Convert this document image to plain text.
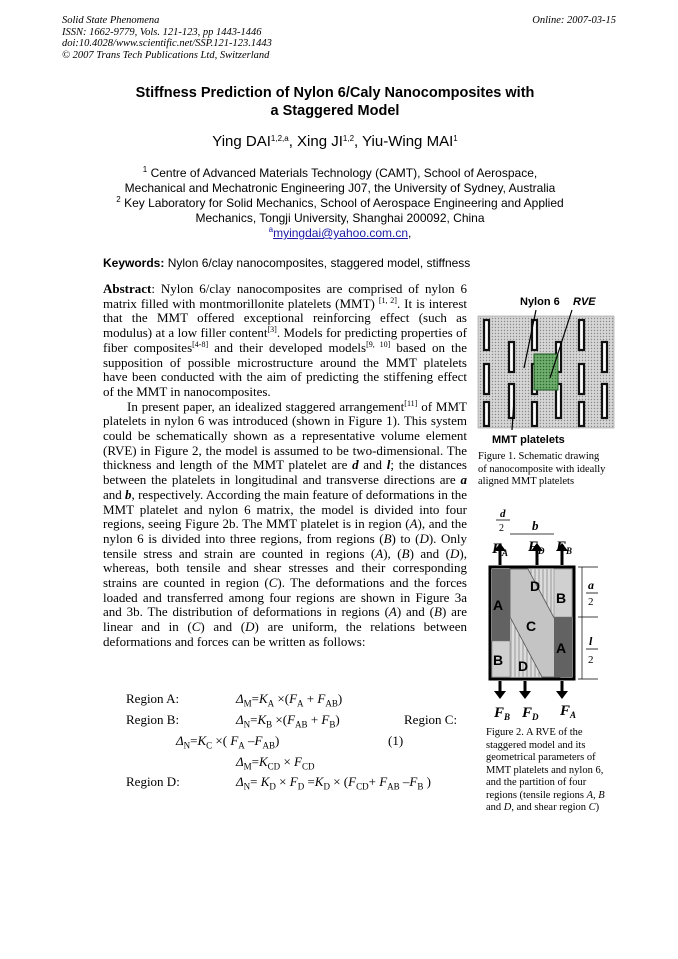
Solid State Phenomena
ISSN: 1662-9779, Vols. 121-123, pp 1443-1446
doi:10.4028/www.scientific.net/SSP.121-123.1443
© 2007 Trans Tech Publications Ltd, Switzerland
Online: 2007-03-15
Stiffness Prediction of Nylon 6/Caly Nanocomposites with
a Staggered Model
Ying DAI$^{1,2,a}$, Xing JI$^{1,2}$, Yiu-Wing MAI$^1$
$^1$ Centre of Advanced Materials Technology (CAMT), School of Aerospace,
Mechanical and Mechatronic Engineering J07, the University of Sydney, Australia
$^2$ Key Laboratory for Solid Mechanics, School of Aerospace Engineering and Applied
Mechanics, Tongji University, Shanghai 200092, China
$^a$myingdai@yahoo.com.cn,
Keywords: Nylon 6/clay nanocomposites, staggered model, stiffness

Abstract: Nylon 6/clay nanocomposites are comprised of nylon 6 matrix filled with montmorillonite platelets (MMT) [1, 2]. It is interest that the MMT offered exceptional reinforcing effect (such as modulus) at a low filler content[3]. Models for predicting properties of fiber composites[4-8] and their developed models[9, 10] based on the supposition of possible microstructure around the MMT platelets have been conducted with the aim of predicting the stiffening effect of the MMT in nanocomposites.

In present paper, an idealized staggered arrangement[11] of MMT platelets in nylon 6 was introduced (shown in Figure 1). This system could be schematically shown as a representative volume element (RVE) in Figure 2, the model is assumed to be two-dimensional. The thickness and length of the MMT platelet are d and l; the distances between the platelets in longitudinal and transverse directions are a and b, respectively. According the main feature of deformations in the MMT platelet and nylon 6 matrix, the model is divided into four regions, seeing Figure 2b. The MMT platelet is in region (A), and the nylon 6 is divided into three regions, from regions (B) to (D). Only tensile stress and strain are counted in regions (A), (B) and (D), whereas, both tensile and shear stresses and their corresponding strains are counted in region (C). The deformations and the forces loaded and transferred among four regions are shown in Figure 3a and 3b. The distribution of deformations in regions (A) and (B) are linear and in (C) and (D) are uniform, the relations between deformations and forces can be written as follows:

Region A:	$\Delta_M=K_A \times(F_A + F_{AB})$
Region B:	$\Delta_N=K_B \times(F_{AB} + F_B)$	Region C:
$\Delta_N=K_C$ ×( $F_A$ $-F_{AB}$)	(1)
$\Delta_M=K_{CD} \times F_{CD}$
Region D:	$\Delta_N= K_D \times F_D =K_D \times (F_{CD}+ F_{AB}$ $-F_B$ )
Nylon 6 RVE
MMT platelets
Figure 1. Schematic drawing of nanocomposite with ideally aligned MMT platelets
d
2 b
$F_A$ $F_D$ $F_B$
A
A
B
B
C
D
D
a
2
l
2
$F_B$ $F_D$ $F_A$
Figure 2. A RVE of the staggered model and its geometrical parameters of MMT platelets and nylon 6, and the partition of four regions (tensile regions A, B and D, and shear region C)
